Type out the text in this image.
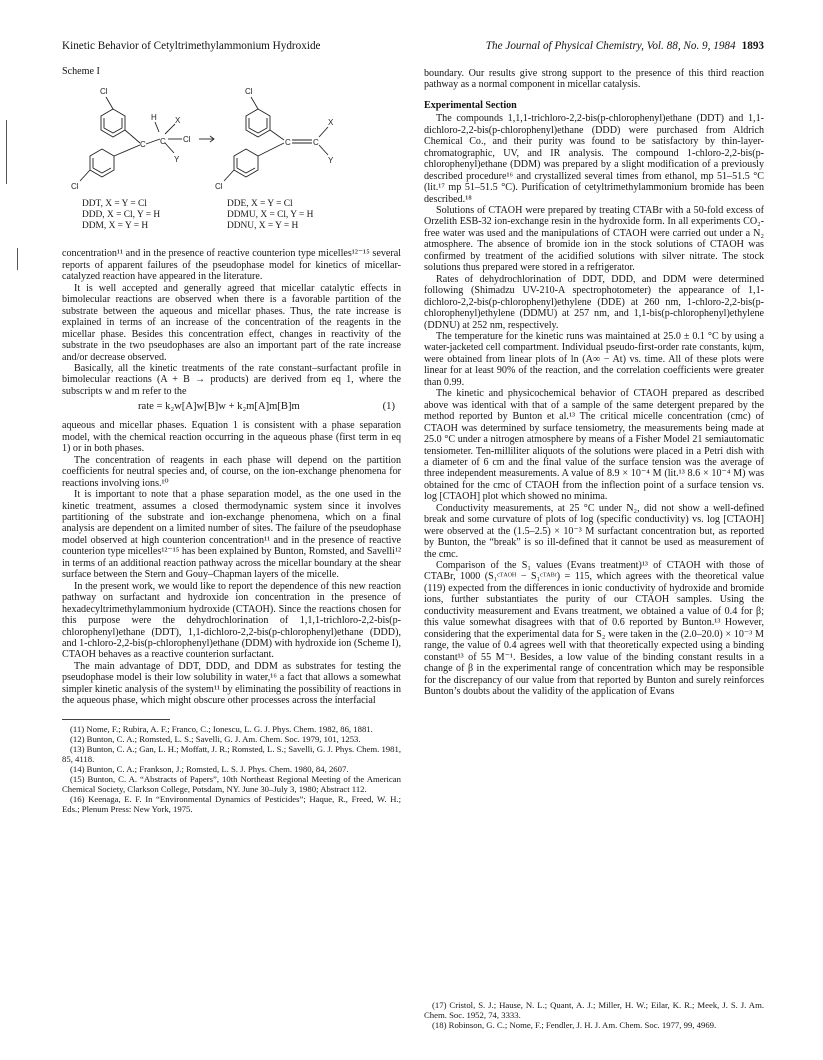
Kinetic Behavior of Cetyltrimethylammonium Hydroxide	The Journal of Physical Chemistry, Vol. 88, No. 9, 1984 1893
Scheme I
Cl
Cl
C
H
C
X
Cl
Y
Cl
Cl
C	C
X
Y
DDT, X = Y = Cl
DDD, X = Cl, Y = H
DDM, X = Y = H
DDE, X = Y = Cl
DDMU, X = Cl, Y = H
DDNU, X = Y = H

concentration¹¹ and in the presence of reactive counterion type micelles¹²⁻¹⁵ several reports of apparent failures of the pseudophase model for kinetics of micellar-catalyzed reaction have appeared in the literature.

It is well accepted and generally agreed that micellar catalytic effects in bimolecular reactions are observed when there is a favorable partition of the substrate between the aqueous and micellar phases. Thus, the rate increase is explained in terms of an increase of the concentration of the reagents in the micellar phase. Besides this concentration effect, changes in reactivity of the substrate in the two pseudophases are also an important part of the rate increase and/or decrease observed.

Basically, all the kinetic treatments of the rate constant–surfactant profile in bimolecular reactions (A + B → products) are derived from eq 1, where the subscripts w and m refer to the

rate = k₂w[A]w[B]w + k₂m[A]m[B]m	(1)

aqueous and micellar phases. Equation 1 is consistent with a phase separation model, with the chemical reaction occurring in the aqueous phase (first term in eq 1) or in both phases.

The concentration of reagents in each phase will depend on the partition coefficients for neutral species and, of course, on the ion-exchange phenomena for reactions involving ions.¹⁰

It is important to note that a phase separation model, as the one used in the kinetic treatment, assumes a closed thermodynamic system since it involves partitioning of the substrate and ion-exchange phenomena, which on a final analysis are dependent on a limited number of sites. The failure of the pseudophase model observed at high counterion concentration¹¹ and in the presence of reactive counterion type micelles¹²⁻¹⁵ has been explained by Bunton, Romsted, and Savelli¹² in terms of an additional reaction pathway across the micellar boundary at the shear surface between the Stern and Gouy–Chapman layers of the micelle.

In the present work, we would like to report the dependence of this new reaction pathway on surfactant and hydroxide ion concentration in the presence of hexadecyltrimethylammonium hydroxide (CTAOH). Since the reactions chosen for this purpose were the dehydrochlorination of 1,1,1-trichloro-2,2-bis(p-chlorophenyl)ethane (DDT), 1,1-dichloro-2,2-bis(p-chlorophenyl)ethane (DDD), and 1-chloro-2,2-bis(p-chlorophenyl)ethane (DDM) with hydroxide ion (Scheme I), CTAOH behaves as a reactive counterion surfactant.

The main advantage of DDT, DDD, and DDM as substrates for testing the pseudophase model is their low solubility in water,¹⁶ a fact that allows a somewhat simpler kinetic analysis of the system¹¹ by eliminating the possibility of reactions in the aqueous phase, which might obscure other processes across the interfacial

(11) Nome, F.; Rubira, A. F.; Franco, C.; Ionescu, L. G. J. Phys. Chem. 1982, 86, 1881.
(12) Bunton, C. A.; Romsted, L. S.; Savelli, G. J. Am. Chem. Soc. 1979, 101, 1253.
(13) Bunton, C. A.; Gan, L. H.; Moffatt, J. R.; Romsted, L. S.; Savelli, G. J. Phys. Chem. 1981, 85, 4118.
(14) Bunton, C. A.; Frankson, J.; Romsted, L. S. J. Phys. Chem. 1980, 84, 2607.
(15) Bunton, C. A. “Abstracts of Papers”, 10th Northeast Regional Meeting of the American Chemical Society, Clarkson College, Potsdam, NY. June 30–July 3, 1980; Abstract 112.
(16) Keenaga, E. F. In “Environmental Dynamics of Pesticides”; Haque, R., Freed, W. H.; Eds.; Plenum Press: New York, 1975.

boundary. Our results give strong support to the presence of this third reaction pathway as a normal component in micellar catalysis.

Experimental Section

The compounds 1,1,1-trichloro-2,2-bis(p-chlorophenyl)ethane (DDT) and 1,1-dichloro-2,2-bis(p-chlorophenyl)ethane (DDD) were purchased from Aldrich Chemical Co., and their purity was found to be satisfactory by thin-layer-chromatographic, UV, and IR analysis. The compound 1-chloro-2,2-bis(p-chlorophenyl)ethane (DDM) was prepared by a slight modification of a previously described procedure¹⁶ and crystallized several times from ethanol, mp 51–51.5 °C (lit.¹⁷ mp 51–51.5 °C). Purification of cetyltrimethylammonium bromide has been described.¹⁸

Solutions of CTAOH were prepared by treating CTABr with a 50-fold excess of Orzelith ESB-32 ion-exchange resin in the hydroxide form. In all experiments CO₂-free water was used and the manipulations of CTAOH were carried out under a N₂ atmosphere. The absence of bromide ion in the stock solutions of CTAOH was confirmed by treatment of the acidified solutions with silver nitrate. The stock solutions thus prepared were stored in a refrigerator.

Rates of dehydrochlorination of DDT, DDD, and DDM were determined following (Shimadzu UV-210-A spectrophotometer) the appearance of 1,1-dichloro-2,2-bis(p-chlorophenyl)ethylene (DDE) at 260 nm, 1-chloro-2,2-bis(p-chlorophenyl)ethylene (DDMU) at 257 nm, and 1,1-bis(p-chlorophenyl)ethylene (DDNU) at 252 nm, respectively.

The temperature for the kinetic runs was maintained at 25.0 ± 0.1 °C by using a water-jacketed cell compartment. Individual pseudo-first-order rate constants, kψm, were obtained from linear plots of ln (A∞ − At) vs. time. All of these plots were linear for at least 90% of the reaction, and the correlation coefficients were greater than 0.99.

The kinetic and physicochemical behavior of CTAOH prepared as described above was identical with that of a sample of the same detergent prepared by the method reported by Bunton et al.¹³ The critical micelle concentration (cmc) of CTAOH was determined by surface tensiometry, the measurements being made at 25.0 °C under a nitrogen atmosphere by means of a Fisher Model 21 semiautomatic tensiometer. Ten-milliliter aliquots of the solutions were placed in a Petri dish with a diameter of 6 cm and the final value of the surface tension was the average of three independent measurements. A value of 8.9 × 10⁻⁴ M (lit.¹³ 8.6 × 10⁻⁴ M) was obtained for the cmc of CTAOH from the inflection point of a surface tension vs. log [CTAOH] plot which showed no minima.

Conductivity measurements, at 25 °C under N₂, did not show a well-defined break and some curvature of plots of log (specific conductivity) vs. log [CTAOH] were observed at the (1.5–2.5) × 10⁻³ M surfactant concentration but, as reported by Bunton, the “break” is so ill-defined that it cannot be used as measurement of the cmc.

Comparison of the S₁ values (Evans treatment)¹³ of CTAOH with those of CTABr, 1000 (S₁ᶜᵀᴬᴼᴴ − S₁ᶜᵀᴬᴮʳ) = 115, which agrees with the theoretical value (119) expected from the differences in ionic conductivity of hydroxide and bromide ions, further substantiates the purity of our CTAOH samples. Using the conductivity measurement and Evans treatment, we obtained a value of 0.4 for β; this value somewhat disagrees with that of 0.6 reported by Bunton.¹³ However, considering that the experimental data for S₂ were taken in the (2.0–20.0) × 10⁻³ M range, the value of 0.4 agrees well with that theoretically expected using a binding constant¹³ of 55 M⁻¹. Besides, a low value of the binding constant results in a change of β in the experimental range of concentration which may be responsible for the discrepancy of our value from that reported by Bunton and surely reinforces Bunton’s doubts about the validity of the application of Evans

(17) Cristol, S. J.; Hause, N. L.; Quant, A. J.; Miller, H. W.; Eilar, K. R.; Meek, J. S. J. Am. Chem. Soc. 1952, 74, 3333.
(18) Robinson, G. C.; Nome, F.; Fendler, J. H. J. Am. Chem. Soc. 1977, 99, 4969.
